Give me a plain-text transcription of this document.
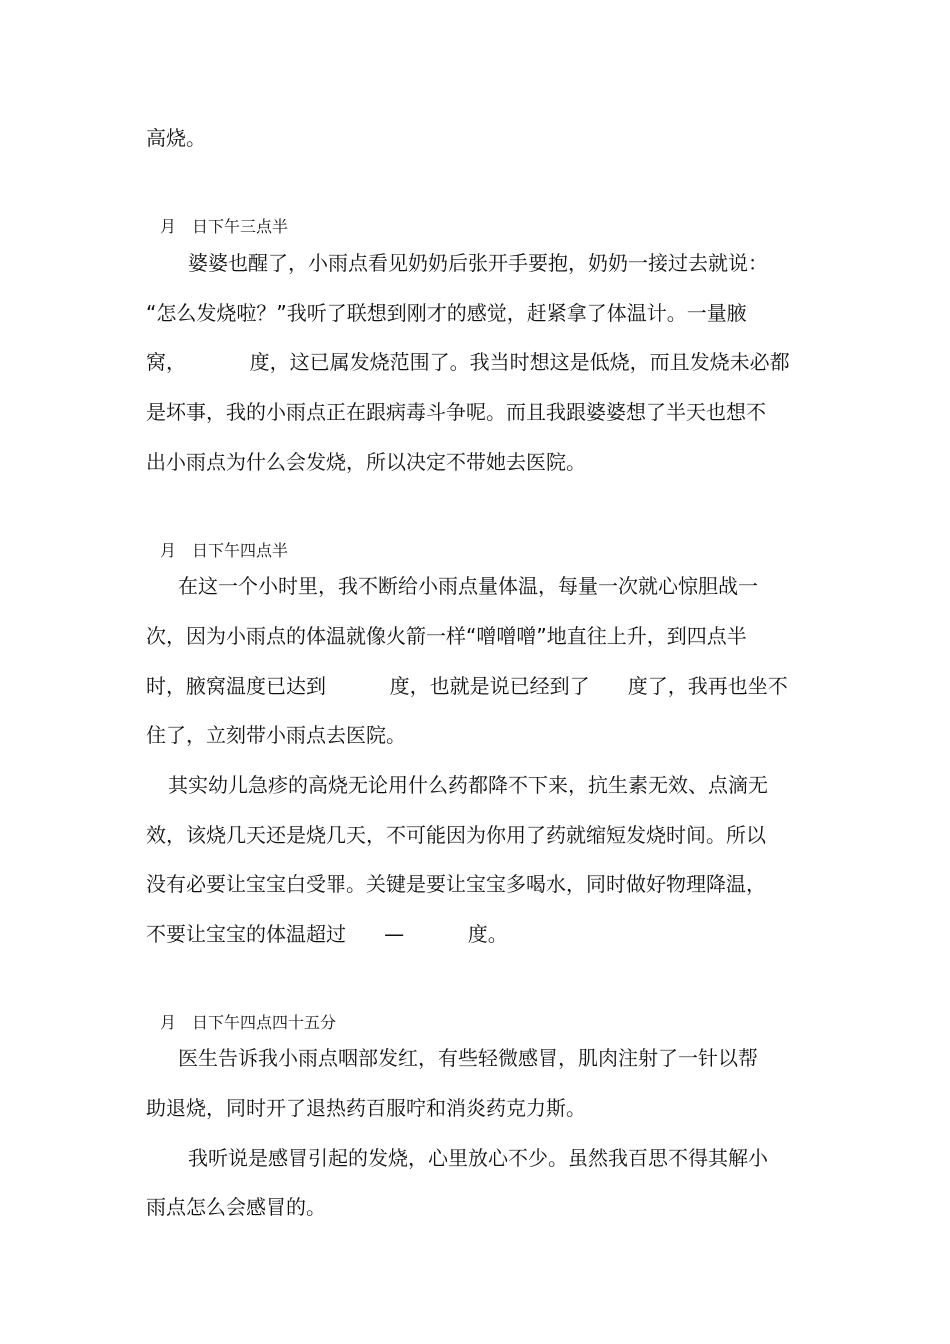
高烧。

月　日下午三点半

婆婆也醒了，小雨点看见奶奶后张开手要抱，奶奶一接过去就说：

“怎么发烧啦？”我听了联想到刚才的感觉，赶紧拿了体温计。一量腋

窝，          度，这已属发烧范围了。我当时想这是低烧，而且发烧未必都

是坏事，我的小雨点正在跟病毒斗争呢。而且我跟婆婆想了半天也想不

出小雨点为什么会发烧，所以决定不带她去医院。

月　日下午四点半

在这一个小时里，我不断给小雨点量体温，每量一次就心惊胆战一

次，因为小雨点的体温就像火箭一样“噌噌噌”地直往上升，到四点半

时，腋窝温度已达到          度，也就是说已经到了      度了，我再也坐不

住了，立刻带小雨点去医院。

其实幼儿急疹的高烧无论用什么药都降不下来，抗生素无效、点滴无

效，该烧几天还是烧几天，不可能因为你用了药就缩短发烧时间。所以

没有必要让宝宝白受罪。关键是要让宝宝多喝水，同时做好物理降温，

不要让宝宝的体温超过      —          度。

月　日下午四点四十五分

医生告诉我小雨点咽部发红，有些轻微感冒，肌肉注射了一针以帮

助退烧，同时开了退热药百服咛和消炎药克力斯。

我听说是感冒引起的发烧，心里放心不少。虽然我百思不得其解小

雨点怎么会感冒的。
